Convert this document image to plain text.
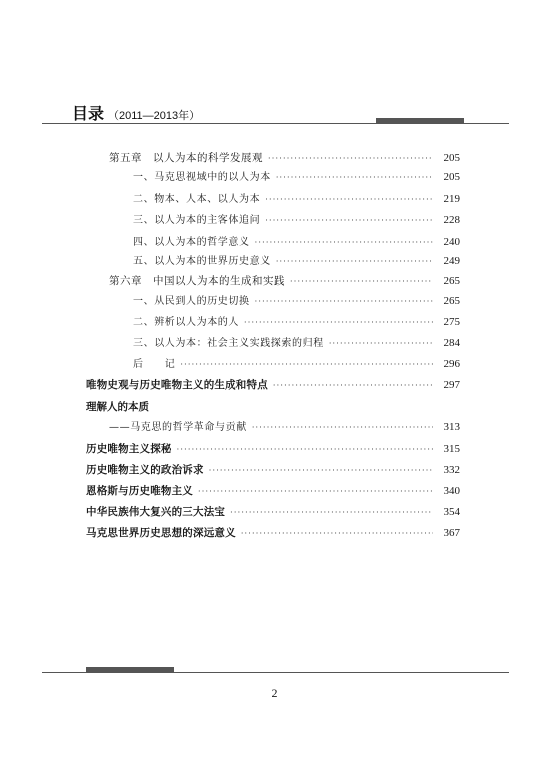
目录 （2011—2013年）
第五章　以人为本的科学发展观 ·····	205
一、马克思视域中的以人为本 ·····	205
二、物本、人本、以人为本 ·····	219
三、以人为本的主客体追问 ·····	228
四、以人为本的哲学意义 ·····	240
五、以人为本的世界历史意义 ·····	249
第六章　中国以人为本的生成和实践 ·····	265
一、从民到人的历史切换 ·····	265
二、辨析以人为本的人 ·····	275
三、以人为本：社会主义实践探索的归程 ·····	284
后　　记 ·····	296
唯物史观与历史唯物主义的生成和特点 ·····	297
理解人的本质
——马克思的哲学革命与贡献 ·····	313
历史唯物主义探秘 ·····	315
历史唯物主义的政治诉求 ·····	332
恩格斯与历史唯物主义 ·····	340
中华民族伟大复兴的三大法宝 ·····	354
马克思世界历史思想的深远意义 ·····	367
2
